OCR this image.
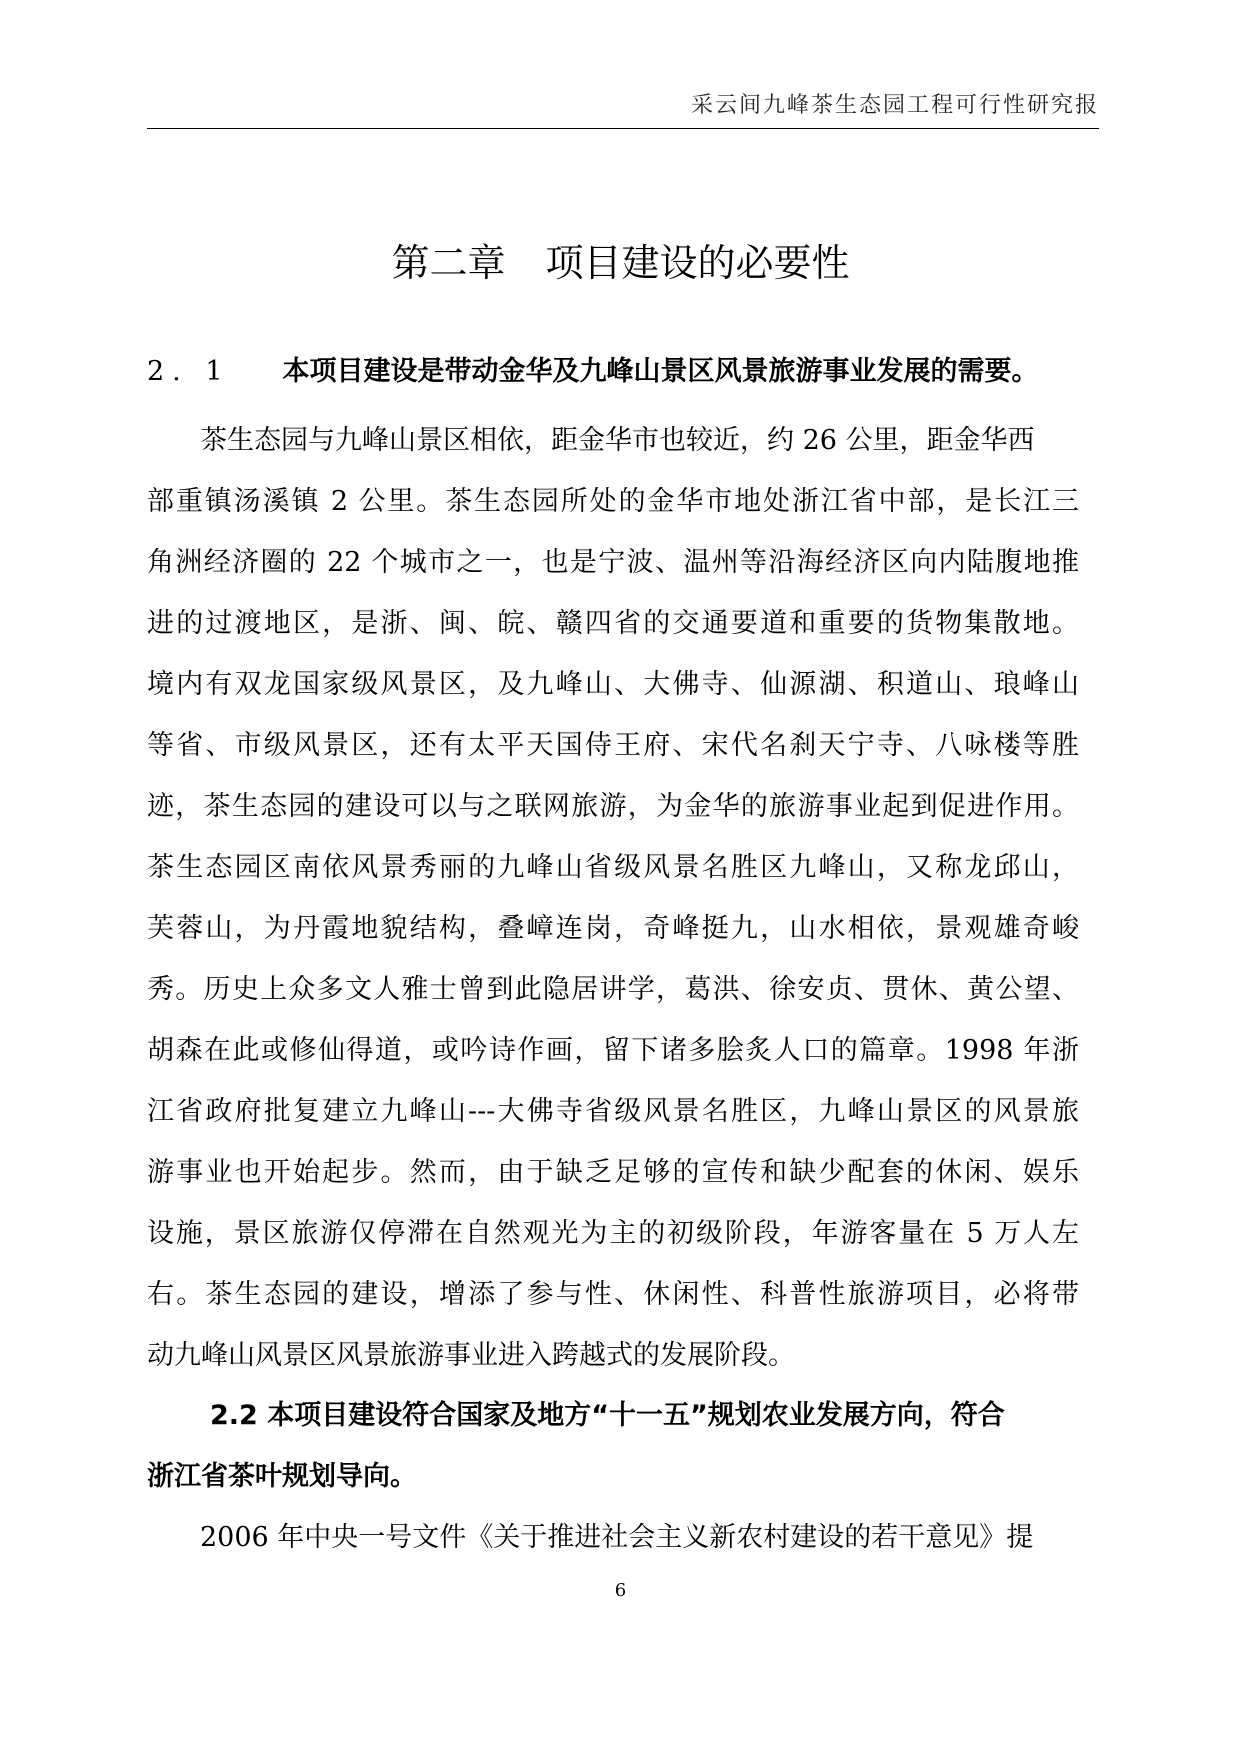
采云间九峰茶生态园工程可行性研究报
第二章 项目建设的必要性
2. 1 本项目建设是带动金华及九峰山景区风景旅游事业发展的需要。
茶生态园与九峰山景区相依，距金华市也较近，约 26 公里，距金华西
部重镇汤溪镇 2 公里。茶生态园所处的金华市地处浙江省中部，是长江三
角洲经济圈的 22 个城市之一，也是宁波、温州等沿海经济区向内陆腹地推
进的过渡地区，是浙、闽、皖、赣四省的交通要道和重要的货物集散地。
境内有双龙国家级风景区，及九峰山、大佛寺、仙源湖、积道山、琅峰山
等省、市级风景区，还有太平天国侍王府、宋代名刹天宁寺、八咏楼等胜
迹，茶生态园的建设可以与之联网旅游，为金华的旅游事业起到促进作用。
茶生态园区南依风景秀丽的九峰山省级风景名胜区九峰山，又称龙邱山，
芙蓉山，为丹霞地貌结构，叠嶂连岗，奇峰挺九，山水相依，景观雄奇峻
秀。历史上众多文人雅士曾到此隐居讲学，葛洪、徐安贞、贯休、黄公望、
胡森在此或修仙得道，或吟诗作画，留下诸多脍炙人口的篇章。1998 年浙
江省政府批复建立九峰山---大佛寺省级风景名胜区，九峰山景区的风景旅
游事业也开始起步。然而，由于缺乏足够的宣传和缺少配套的休闲、娱乐
设施，景区旅游仅停滞在自然观光为主的初级阶段，年游客量在 5 万人左
右。茶生态园的建设，增添了参与性、休闲性、科普性旅游项目，必将带
动九峰山风景区风景旅游事业进入跨越式的发展阶段。
2.2 本项目建设符合国家及地方“十一五”规划农业发展方向，符合
浙江省茶叶规划导向。
2006 年中央一号文件《关于推进社会主义新农村建设的若干意见》提
6
